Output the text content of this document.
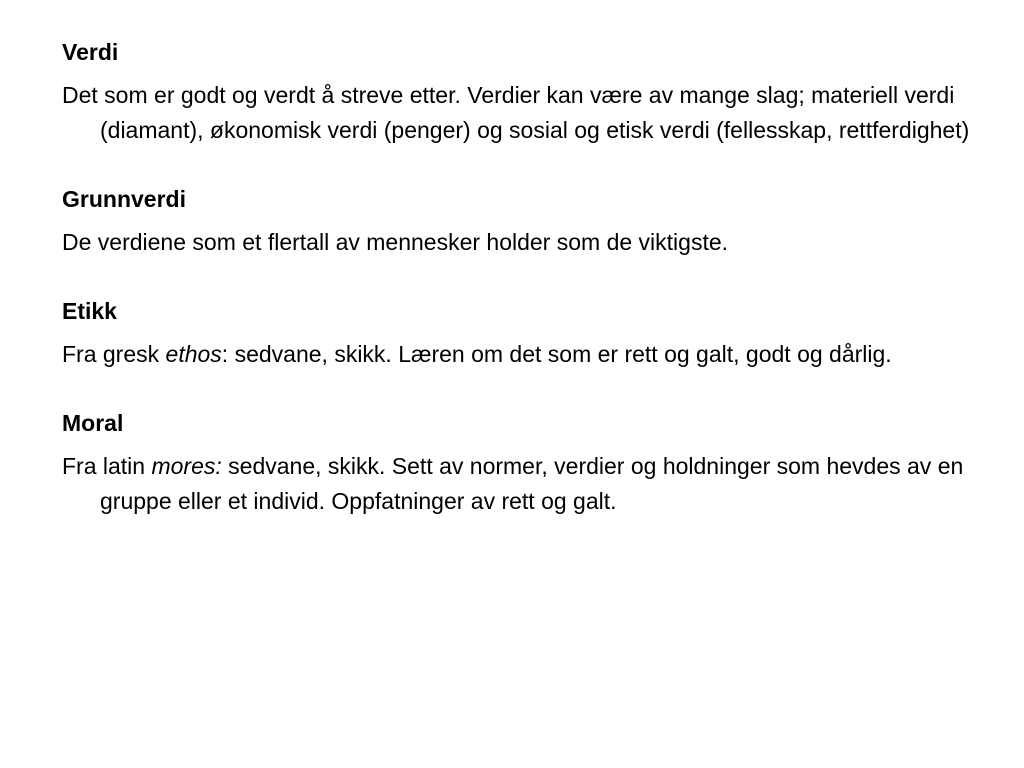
Verdi

Det som er godt og verdt å streve etter. Verdier kan være av mange slag; materiell verdi (diamant), økonomisk verdi (penger) og sosial og etisk verdi (fellesskap, rettferdighet)

Grunnverdi

De verdiene som et flertall av mennesker holder som de viktigste.

Etikk

Fra gresk ethos: sedvane, skikk. Læren om det som er rett og galt, godt og dårlig.

Moral

Fra latin mores: sedvane, skikk. Sett av normer, verdier og holdninger som hevdes av en gruppe eller et individ. Oppfatninger av rett og galt.
